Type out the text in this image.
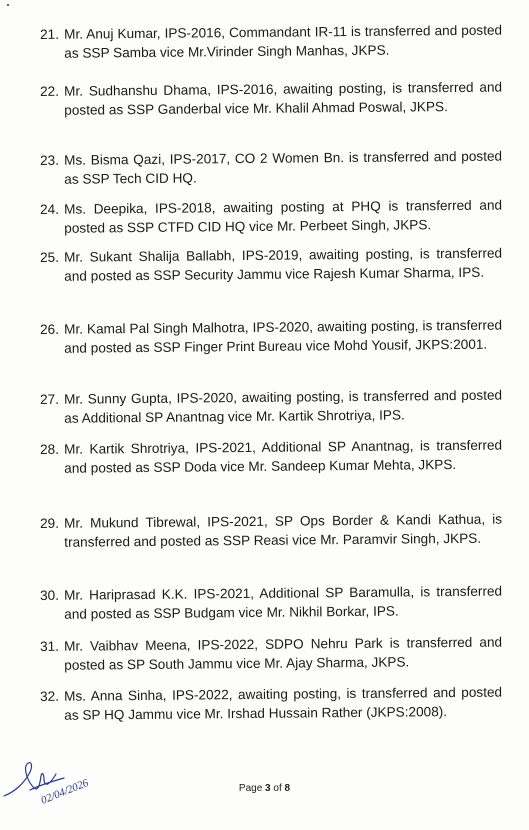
21. Mr. Anuj Kumar, IPS-2016, Commandant IR-11 is transferred and posted as SSP Samba vice Mr.Virinder Singh Manhas, JKPS.
22. Mr. Sudhanshu Dhama, IPS-2016, awaiting posting, is transferred and posted as SSP Ganderbal vice Mr. Khalil Ahmad Poswal, JKPS.
23. Ms. Bisma Qazi, IPS-2017, CO 2 Women Bn. is transferred and posted as SSP Tech CID HQ.
24. Ms. Deepika, IPS-2018, awaiting posting at PHQ is transferred and posted as SSP CTFD CID HQ vice Mr. Perbeet Singh, JKPS.
25. Mr. Sukant Shalija Ballabh, IPS-2019, awaiting posting, is transferred and posted as SSP Security Jammu vice Rajesh Kumar Sharma, IPS.
26. Mr. Kamal Pal Singh Malhotra, IPS-2020, awaiting posting, is transferred and posted as SSP Finger Print Bureau vice Mohd Yousif, JKPS:2001.
27. Mr. Sunny Gupta, IPS-2020, awaiting posting, is transferred and posted as Additional SP Anantnag vice Mr. Kartik Shrotriya, IPS.
28. Mr. Kartik Shrotriya, IPS-2021, Additional SP Anantnag, is transferred and posted as SSP Doda vice Mr. Sandeep Kumar Mehta, JKPS.
29. Mr. Mukund Tibrewal, IPS-2021, SP Ops Border & Kandi Kathua, is transferred and posted as SSP Reasi vice Mr. Paramvir Singh, JKPS.
30. Mr. Hariprasad K.K. IPS-2021, Additional SP Baramulla, is transferred and posted as SSP Budgam vice Mr. Nikhil Borkar, IPS.
31. Mr. Vaibhav Meena, IPS-2022, SDPO Nehru Park is transferred and posted as SP South Jammu vice Mr. Ajay Sharma, JKPS.
32. Ms. Anna Sinha, IPS-2022, awaiting posting, is transferred and posted as SP HQ Jammu vice Mr. Irshad Hussain Rather (JKPS:2008).
02/04/2026	Page 3 of 8
